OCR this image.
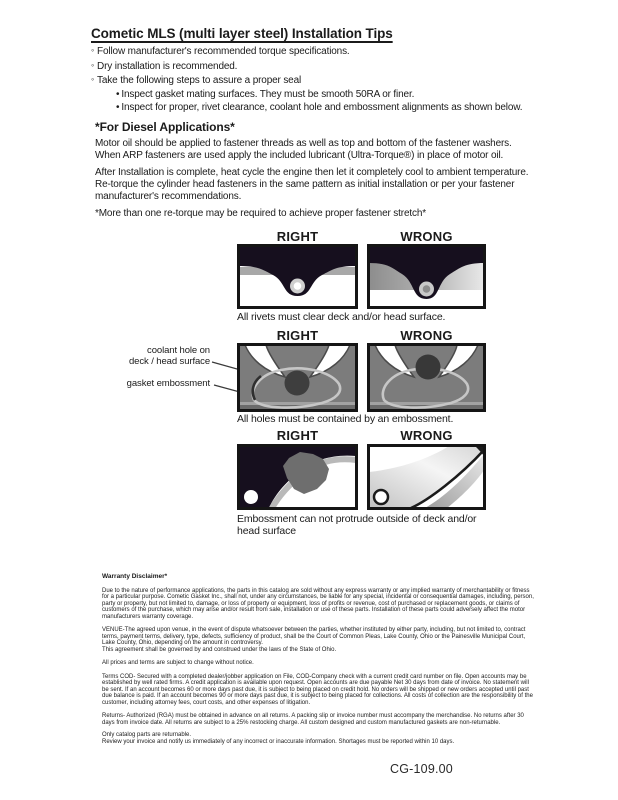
Cometic MLS (multi layer steel) Installation Tips
◦ Follow manufacturer's recommended torque specifications.
◦ Dry installation is recommended.
◦ Take the following steps to assure a proper seal
• Inspect gasket mating surfaces. They must be smooth 50RA or finer.
• Inspect for proper, rivet clearance, coolant hole and embossment alignments as shown below.
*For Diesel Applications*
Motor oil should be applied to fastener threads as well as top and bottom of the fastener washers. When ARP fasteners are used apply the included lubricant (Ultra-Torque®) in place of motor oil.
After Installation is complete, heat cycle the engine then let it completely cool to ambient temperature. Re-torque the cylinder head fasteners in the same pattern as initial installation or per your fastener manufacturer's recommendations.
*More than one re-torque may be required to achieve proper fastener stretch*
RIGHT	WRONG
All rivets must clear deck and/or head surface.
RIGHT	WRONG
coolant hole on
deck / head surface
gasket embossment
All holes must be contained by an embossment.
RIGHT	WRONG
Embossment can not protrude outside of deck and/or head surface

Warranty Disclaimer*

Due to the nature of performance applications, the parts in this catalog are sold without any express warranty or any implied warranty of merchantability or fitness for a particular purpose. Cometic Gasket Inc., shall not, under any circumstances, be liable for any special, incidental or consequential damages, including, person, party or property, but not limited to, damage, or loss of property or equipment, loss of profits or revenue, cost of purchased or replacement goods, or claims of customers of the purchase, which may arise and/or result from sale, installation or use of these parts. Installation of these parts could adversely affect the motor manufacturers warranty coverage.

VENUE-The agreed upon venue, in the event of dispute whatsoever between the parties, whether instituted by either party, including, but not limited to, contract terms, payment terms, delivery, type, defects, sufficiency of product, shall be the Court of Common Pleas, Lake County, Ohio or the Painesville Municipal Court, Lake County, Ohio, depending on the amount in controversy.

This agreement shall be governed by and construed under the laws of the State of Ohio.

All prices and terms are subject to change without notice.

Terms COD- Secured with a completed dealer/jobber application on File, COD-Company check with a current credit card number on file. Open accounts may be established by well rated firms. A credit application is available upon request. Open accounts are due payable Net 30 days from date of invoice. No statement will be sent. If an account becomes 60 or more days past due, it is subject to being placed on credit hold. No orders will be shipped or new orders accepted until past due balance is paid. If an account becomes 90 or more days past due, it is subject to being placed for collections. All costs of collection are the responsibility of the customer, including attorney fees, court costs, and other expenses of litigation.

Returns- Authorized (RGA) must be obtained in advance on all returns. A packing slip or invoice number must accompany the merchandise. No returns after 30 days from invoice date. All returns are subject to a 25% restocking charge. All custom designed and custom manufactured gaskets are non-returnable.

Only catalog parts are returnable.

Review your invoice and notify us immediately of any incorrect or inaccurate information. Shortages must be reported within 10 days.

CG-109.00
